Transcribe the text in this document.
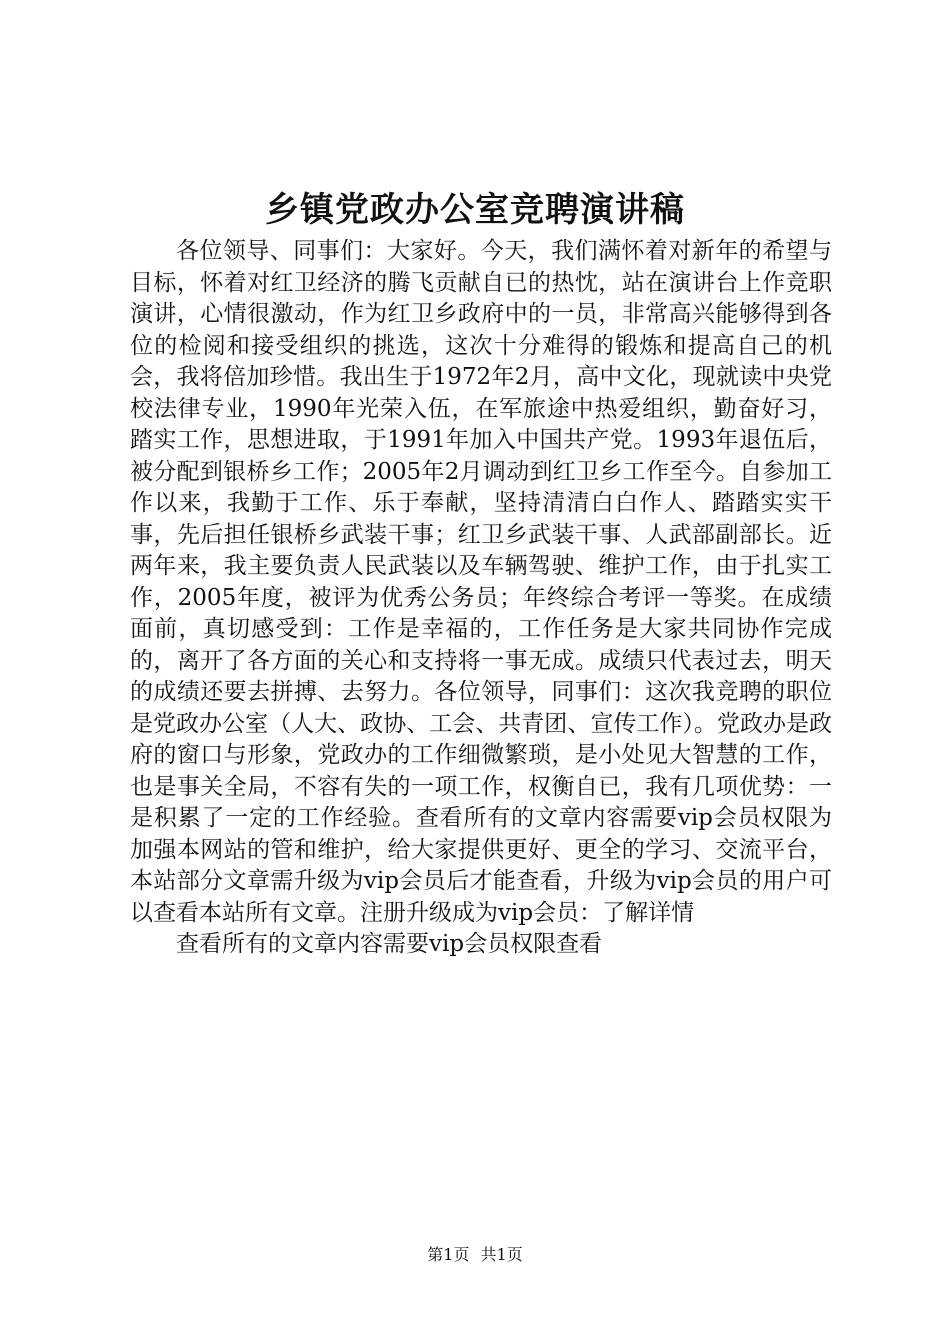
乡镇党政办公室竞聘演讲稿

各位领导、同事们：大家好。今天，我们满怀着对新年的希望与目标，怀着对红卫经济的腾飞贡献自已的热忱，站在演讲台上作竞职演讲，心情很激动，作为红卫乡政府中的一员，非常高兴能够得到各位的检阅和接受组织的挑选，这次十分难得的锻炼和提高自己的机会，我将倍加珍惜。我出生于1972年2月，高中文化，现就读中央党校法律专业，1990年光荣入伍，在军旅途中热爱组织，勤奋好习，踏实工作，思想进取，于1991年加入中国共产党。1993年退伍后，被分配到银桥乡工作；2005年2月调动到红卫乡工作至今。自参加工作以来，我勤于工作、乐于奉献，坚持清清白白作人、踏踏实实干事，先后担任银桥乡武装干事；红卫乡武装干事、人武部副部长。近两年来，我主要负责人民武装以及车辆驾驶、维护工作，由于扎实工作，2005年度，被评为优秀公务员；年终综合考评一等奖。在成绩面前，真切感受到：工作是幸福的，工作任务是大家共同协作完成的，离开了各方面的关心和支持将一事无成。成绩只代表过去，明天的成绩还要去拼搏、去努力。各位领导，同事们：这次我竞聘的职位是党政办公室（人大、政协、工会、共青团、宣传工作）。党政办是政府的窗口与形象，党政办的工作细微繁琐，是小处见大智慧的工作，也是事关全局，不容有失的一项工作，权衡自已，我有几项优势：一是积累了一定的工作经验。查看所有的文章内容需要vip会员权限为加强本网站的管和维护，给大家提供更好、更全的学习、交流平台，本站部分文章需升级为vip会员后才能查看，升级为vip会员的用户可以查看本站所有文章。注册升级成为vip会员：了解详情

查看所有的文章内容需要vip会员权限查看

第1页 共1页
